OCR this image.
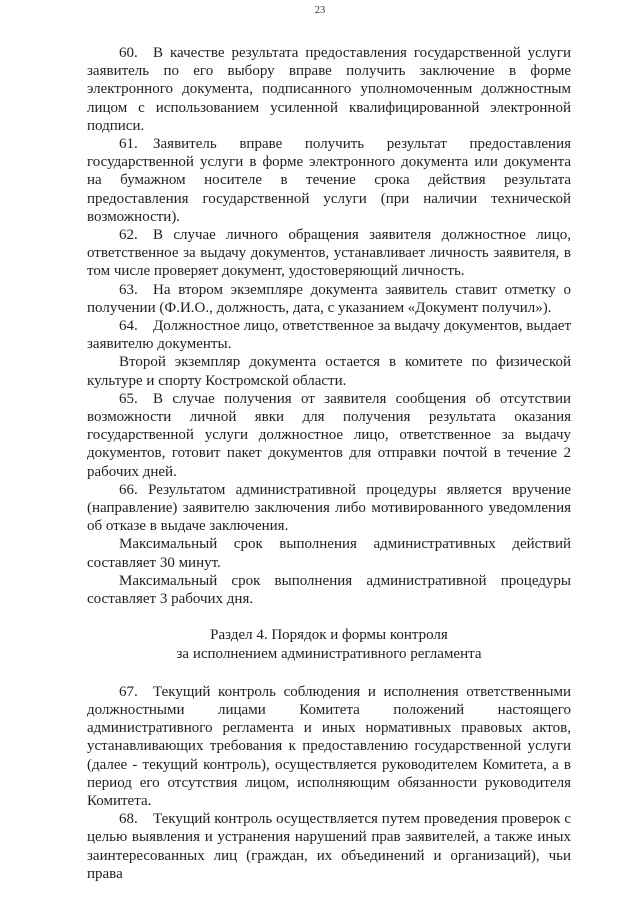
23

60. В качестве результата предоставления государственной услуги заявитель по его выбору вправе получить заключение в форме электронного документа, подписанного уполномоченным должностным лицом с использованием усиленной квалифицированной электронной подписи.

61. Заявитель вправе получить результат предоставления государственной услуги в форме электронного документа или документа на бумажном носителе в течение срока действия результата предоставления государственной услуги (при наличии технической возможности).

62. В случае личного обращения заявителя должностное лицо, ответственное за выдачу документов, устанавливает личность заявителя, в том числе проверяет документ, удостоверяющий личность.

63. На втором экземпляре документа заявитель ставит отметку о получении (Ф.И.О., должность, дата, с указанием «Документ получил»).

64. Должностное лицо, ответственное за выдачу документов, выдает заявителю документы.

Второй экземпляр документа остается в комитете по физической культуре и спорту Костромской области.

65. В случае получения от заявителя сообщения об отсутствии возможности личной явки для получения результата оказания государственной услуги должностное лицо, ответственное за выдачу документов, готовит пакет документов для отправки почтой в течение 2 рабочих дней.

66. Результатом административной процедуры является вручение (направление) заявителю заключения либо мотивированного уведомления об отказе в выдаче заключения.

Максимальный срок выполнения административных действий составляет 30 минут.

Максимальный срок выполнения административной процедуры составляет 3 рабочих дня.

Раздел 4. Порядок и формы контроля
за исполнением административного регламента

67. Текущий контроль соблюдения и исполнения ответственными должностными лицами Комитета положений настоящего административного регламента и иных нормативных правовых актов, устанавливающих требования к предоставлению государственной услуги (далее - текущий контроль), осуществляется руководителем Комитета, а в период его отсутствия лицом, исполняющим обязанности руководителя Комитета.

68. Текущий контроль осуществляется путем проведения проверок с целью выявления и устранения нарушений прав заявителей, а также иных заинтересованных лиц (граждан, их объединений и организаций), чьи права
